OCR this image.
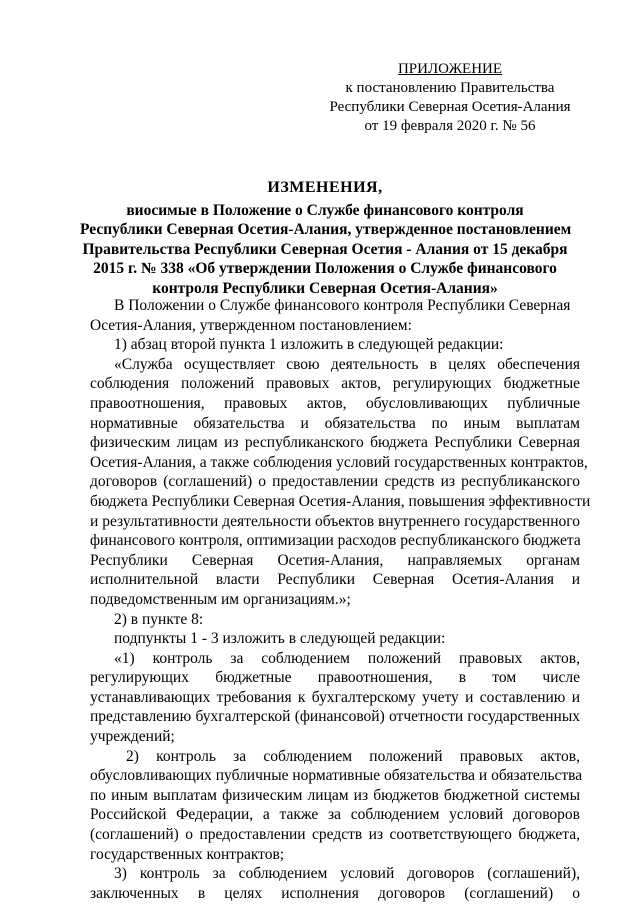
ПРИЛОЖЕНИЕ
к постановлению Правительства
Республики Северная Осетия-Алания
от 19 февраля 2020 г. № 56
ИЗМЕНЕНИЯ,
виосимые в Положение о Службе финансового контроля
Республики Северная Осетия-Алания, утвержденное постановлением
Правительства Республики Северная Осетия - Алания от 15 декабря
2015 г. № 338 «Об утверждении Положения о Службе финансового
контроля Республики Северная Осетия-Алания»
В Положении о Службе финансового контроля Республики Северная
Осетия-Алания, утвержденном постановлением:
1) абзац второй пункта 1 изложить в следующей редакции:
«Служба осуществляет свою деятельность в целях обеспечения
соблюдения положений правовых актов, регулирующих бюджетные
правоотношения, правовых актов, обусловливающих публичные
нормативные обязательства и обязательства по иным выплатам
физическим лицам из республиканского бюджета Республики Северная
Осетия-Алания, а также соблюдения условий государственных контрактов,
договоров (соглашений) о предоставлении средств из республиканского
бюджета Республики Северная Осетия-Алания, повышения эффективности
и результативности деятельности объектов внутреннего государственного
финансового контроля, оптимизации расходов республиканского бюджета
Республики Северная Осетия-Алания, направляемых органам
исполнительной власти Республики Северная Осетия-Алания и
подведомственным им организациям.»;
2) в пункте 8:
подпункты 1 - 3 изложить в следующей редакции:
«1) контроль за соблюдением положений правовых актов,
регулирующих бюджетные правоотношения, в том числе
устанавливающих требования к бухгалтерскому учету и составлению и
представлению бухгалтерской (финансовой) отчетности государственных
учреждений;
2) контроль за соблюдением положений правовых актов,
обусловливающих публичные нормативные обязательства и обязательства
по иным выплатам физическим лицам из бюджетов бюджетной системы
Российской Федерации, а также за соблюдением условий договоров
(соглашений) о предоставлении средств из соответствующего бюджета,
государственных контрактов;
3) контроль за соблюдением условий договоров (соглашений),
заключенных в целях исполнения договоров (соглашений) о
